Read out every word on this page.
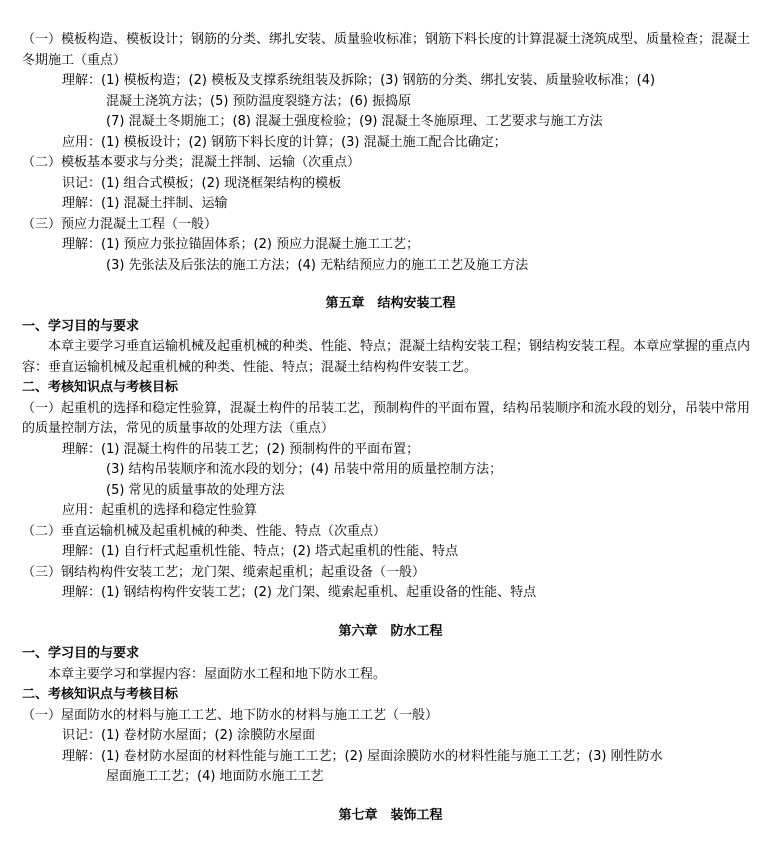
（一）模板构造、模板设计；钢筋的分类、绑扎安装、质量验收标准；钢筋下料长度的计算混凝土浇筑成型、质量检查；混凝土冬期施工（重点）
理解：(1) 模板构造；(2) 模板及支撑系统组装及拆除；(3) 钢筋的分类、绑扎安装、质量验收标准；(4)
混凝土浇筑方法；(5) 预防温度裂缝方法；(6) 振捣原
(7) 混凝土冬期施工；(8) 混凝土强度检验；(9) 混凝土冬施原理、工艺要求与施工方法
应用：(1) 模板设计；(2) 钢筋下料长度的计算；(3) 混凝土施工配合比确定；
（二）模板基本要求与分类；混凝土拌制、运输（次重点）
识记：(1) 组合式模板；(2) 现浇框架结构的模板
理解：(1) 混凝土拌制、运输
（三）预应力混凝土工程（一般）
理解：(1) 预应力张拉锚固体系；(2) 预应力混凝土施工工艺；
(3) 先张法及后张法的施工方法；(4) 无粘结预应力的施工工艺及施工方法
第五章　结构安装工程
一、学习目的与要求
本章主要学习垂直运输机械及起重机械的种类、性能、特点；混凝土结构安装工程；钢结构安装工程。本章应掌握的重点内容：垂直运输机械及起重机械的种类、性能、特点；混凝土结构构件安装工艺。
二、考核知识点与考核目标
（一）起重机的选择和稳定性验算，混凝土构件的吊装工艺，预制构件的平面布置，结构吊装顺序和流水段的划分，吊装中常用的质量控制方法，常见的质量事故的处理方法（重点）
理解：(1) 混凝土构件的吊装工艺；(2) 预制构件的平面布置；
(3) 结构吊装顺序和流水段的划分；(4) 吊装中常用的质量控制方法；
(5) 常见的质量事故的处理方法
应用：起重机的选择和稳定性验算
（二）垂直运输机械及起重机械的种类、性能、特点（次重点）
理解：(1) 自行杆式起重机性能、特点；(2) 塔式起重机的性能、特点
（三）钢结构构件安装工艺；龙门架、缆索起重机；起重设备（一般）
理解：(1) 钢结构构件安装工艺；(2) 龙门架、缆索起重机、起重设备的性能、特点
第六章　防水工程
一、学习目的与要求
本章主要学习和掌握内容：屋面防水工程和地下防水工程。
二、考核知识点与考核目标
（一）屋面防水的材料与施工工艺、地下防水的材料与施工工艺（一般）
识记：(1) 卷材防水屋面；(2) 涂膜防水屋面
理解：(1) 卷材防水屋面的材料性能与施工工艺；(2) 屋面涂膜防水的材料性能与施工工艺；(3) 刚性防水
屋面施工工艺；(4) 地面防水施工工艺
第七章　装饰工程
